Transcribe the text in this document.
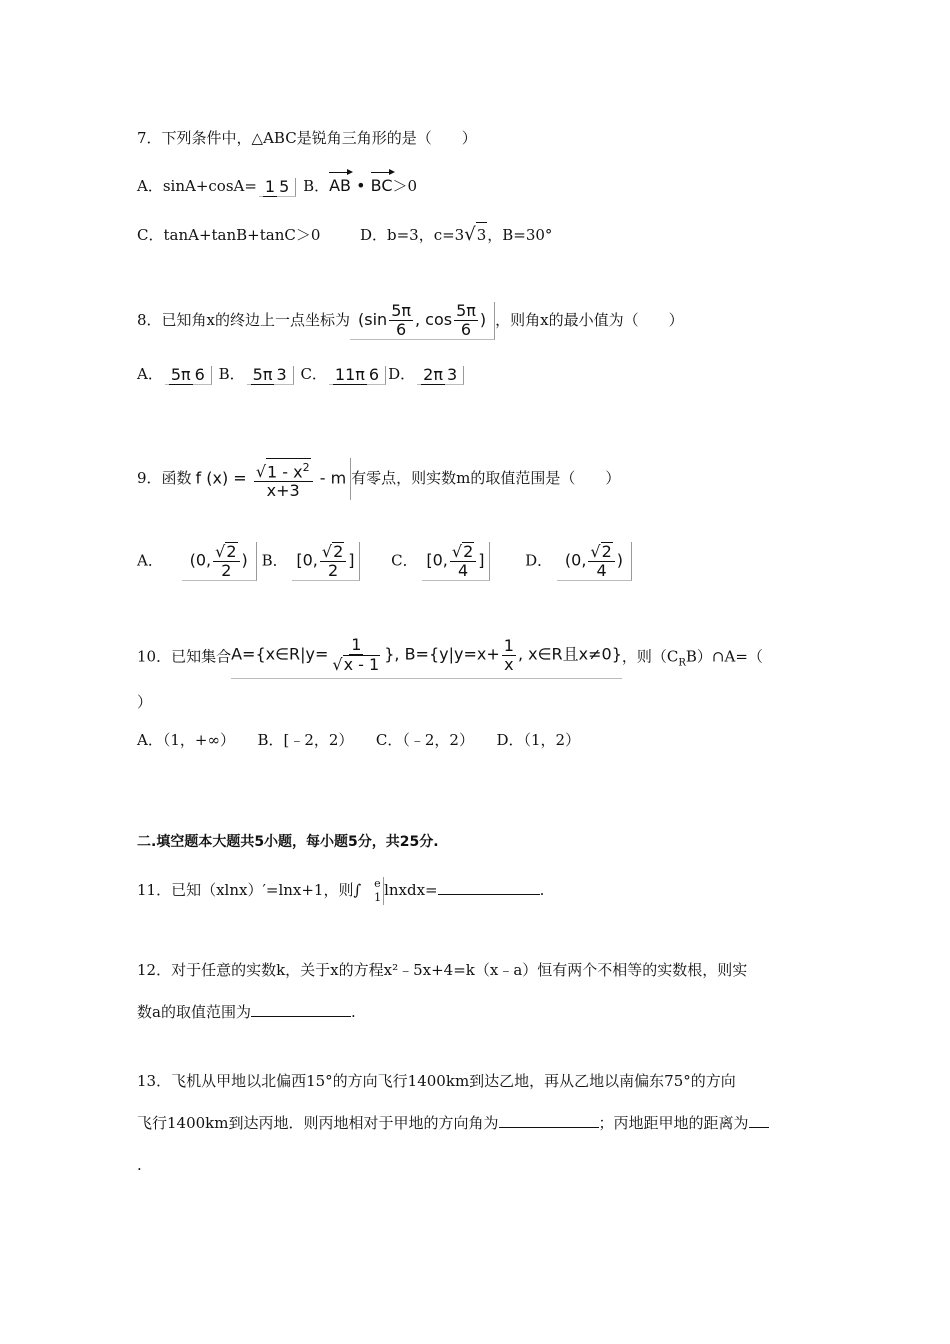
7．下列条件中，△ABC是锐角三角形的是（　　）
A．sinA+cosA= 1 5 B．AB • BC＞0
C．tanA+tanB+tanC＞0	D．b=3，c=3 √ 3 ，B=30°
8．已知角x的终边上一点坐标为 ($\sin \frac{5\pi}{6}$ , $\cos \frac{5\pi}{6}$ ) ，则角x的最小值为（　　）
A． 5π 6 B． 5π 3 C． 11π 6 D． 2π 3
9．函数 f $(x) = \frac{√ 1 - x^2}{x+3} - m$ 有零点，则实数m的取值范围是（　　）
A． (0, $\frac{√ 2}{2}$ ) B． [0, $\frac{√ 2}{2}$ ] C． [0, $\frac{√ 2}{4}$ ]	D． (0, $\frac{√ 2}{4}$ )
10．已知集合A={x∈R|y= $\frac{1}{√ x - 1}$ }, $B=\{y|y=x+ \frac{1}{x}$ , x∈R且x≠0}，则$(C_RB)\cap A=$（
）
A．（1，+∞）　　B．[﹣2，2）　　C．（﹣2，2）　　D．（1，2）
二.填空题本大题共5小题，每小题5分，共25分.
11．已知（xlnx）′=lnx+1，则∫ e
1 lnxdx=	.
12．对于任意的实数k，关于x的方程x²﹣5x+4=k（x﹣a）恒有两个不相等的实数根，则实
数a的取值范围为	.
13．飞机从甲地以北偏西15°的方向飞行1400km到达乙地，再从乙地以南偏东75°的方向
飞行1400km到达丙地．则丙地相对于甲地的方向角为	；丙地距甲地的距离为
.
